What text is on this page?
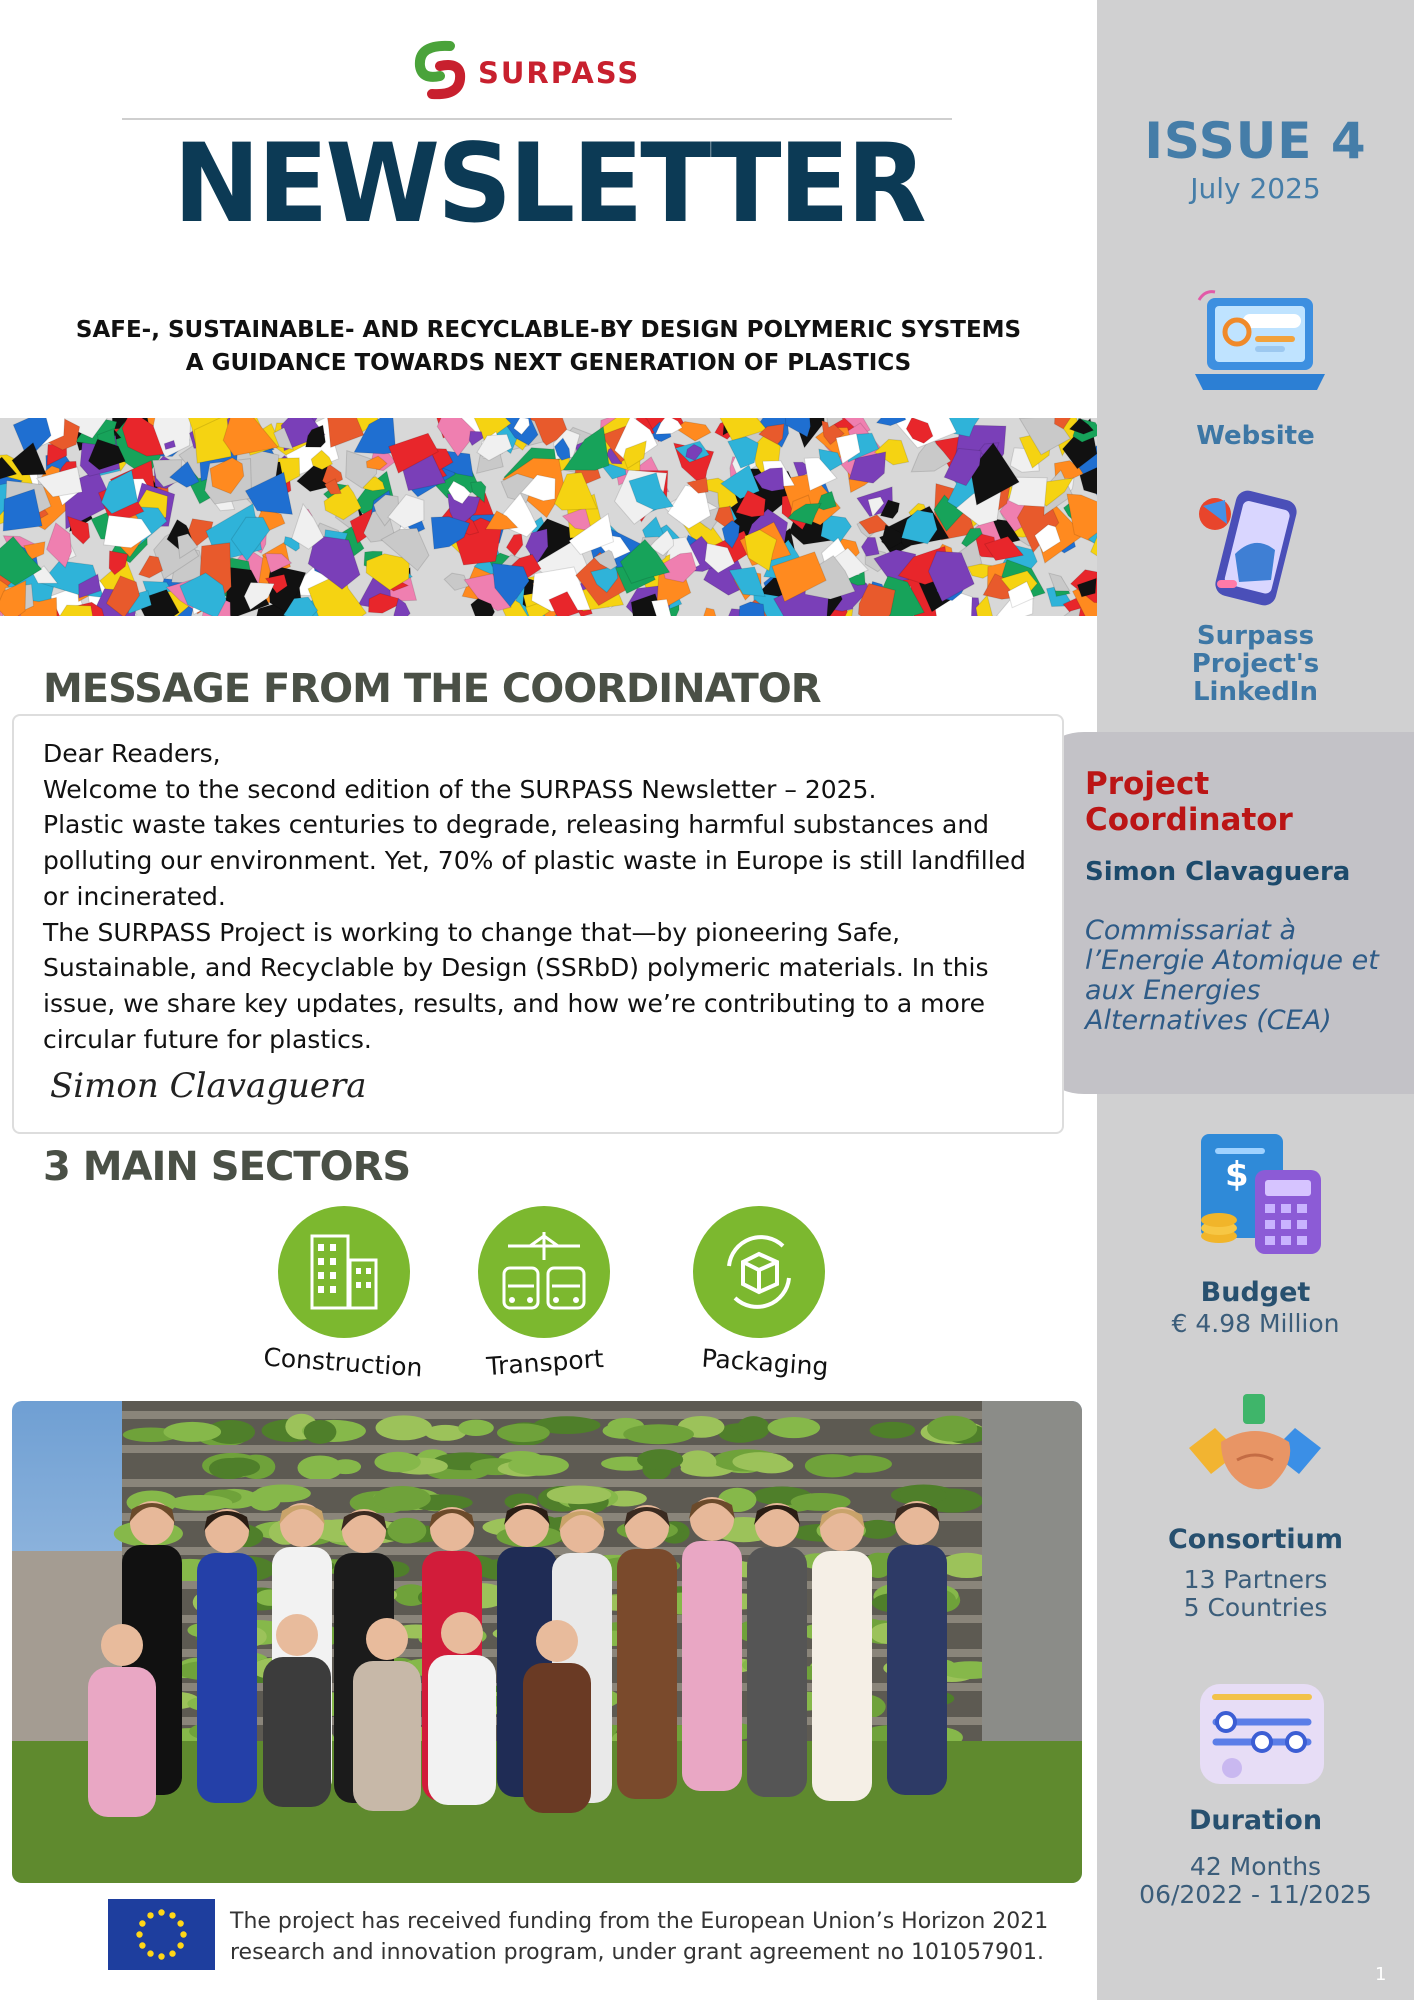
ISSUE 4
July 2025
Website
Surpass
Project's
LinkedIn
Project
Coordinator
Simon Clavaguera
Commissariat à
l’Energie Atomique et
aux Energies
Alternatives (CEA)
$
Budget
€ 4.98 Million
Consortium
13 Partners
5 Countries
Duration
42 Months
06/2022 - 11/2025
SURPASS
NEWSLETTER
SAFE-, SUSTAINABLE- AND RECYCLABLE-BY DESIGN POLYMERIC SYSTEMS
A GUIDANCE TOWARDS NEXT GENERATION OF PLASTICS
MESSAGE FROM THE COORDINATOR

Dear Readers,

Welcome to the second edition of the SURPASS Newsletter – 2025.

Plastic waste takes centuries to degrade, releasing harmful substances and polluting our environment. Yet, 70% of plastic waste in Europe is still landfilled or incinerated.

The SURPASS Project is working to change that—by pioneering Safe, Sustainable, and Recyclable by Design (SSRbD) polymeric materials. In this issue, we share key updates, results, and how we’re contributing to a more circular future for plastics.

Simon Clavaguera
3 MAIN SECTORS
Construction	Transport	Packaging
The project has received funding from the European Union’s Horizon 2021
research and innovation program, under grant agreement no 101057901.
1
